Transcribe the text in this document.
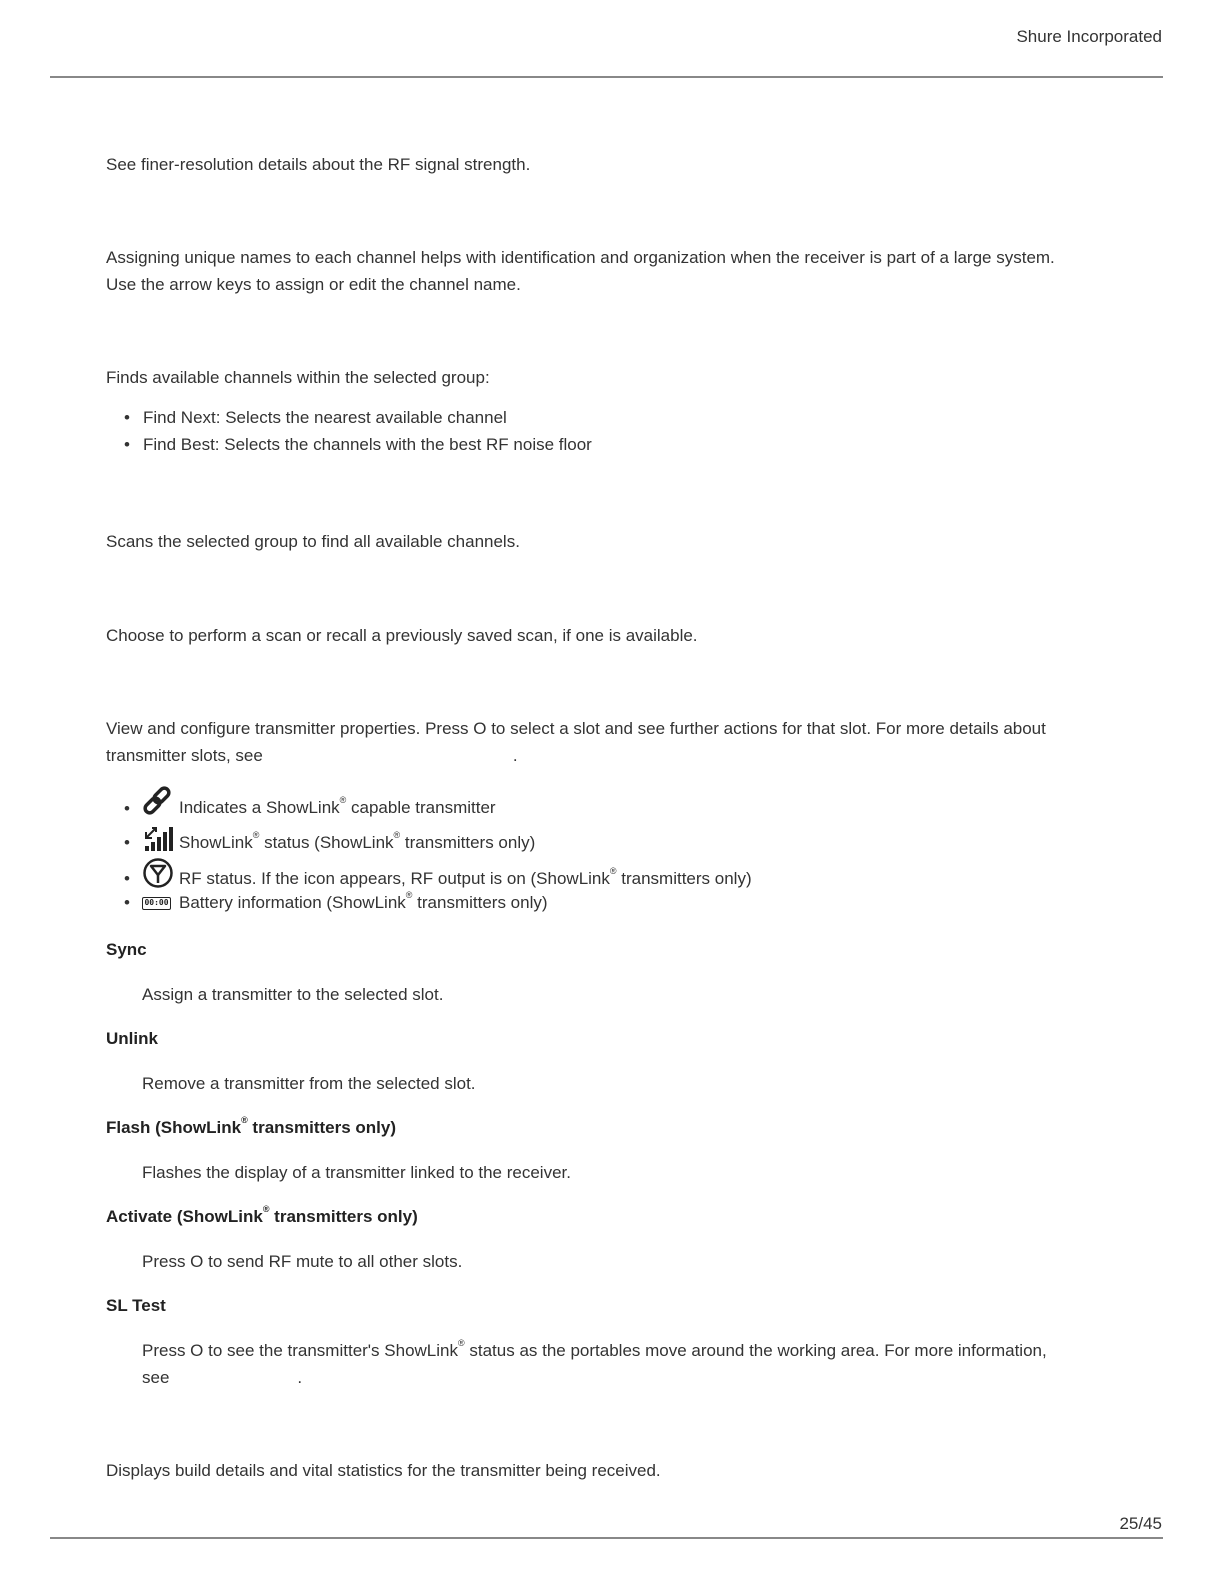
Shure Incorporated

See finer-resolution details about the RF signal strength.

Assigning unique names to each channel helps with identification and organization when the receiver is part of a large system.
Use the arrow keys to assign or edit the channel name.

Finds available channels within the selected group:

• Find Next: Selects the nearest available channel
• Find Best: Selects the channels with the best RF noise floor

Scans the selected group to find all available channels.

Choose to perform a scan or recall a previously saved scan, if one is available.

View and configure transmitter properties. Press O to select a slot and see further actions for that slot. For more details about
transmitter slots, see	.
•	Indicates a ShowLink® capable transmitter
•	ShowLink® status (ShowLink® transmitters only)
•	RF status. If the icon appears, RF output is on (ShowLink® transmitters only)
•	00:00 Battery information (ShowLink® transmitters only)
Sync
Assign a transmitter to the selected slot.
Unlink
Remove a transmitter from the selected slot.
Flash (ShowLink® transmitters only)
Flashes the display of a transmitter linked to the receiver.
Activate (ShowLink® transmitters only)
Press O to send RF mute to all other slots.
SL Test
Press O to see the transmitter's ShowLink® status as the portables move around the working area. For more information,
see	.

Displays build details and vital statistics for the transmitter being received.

25/45
